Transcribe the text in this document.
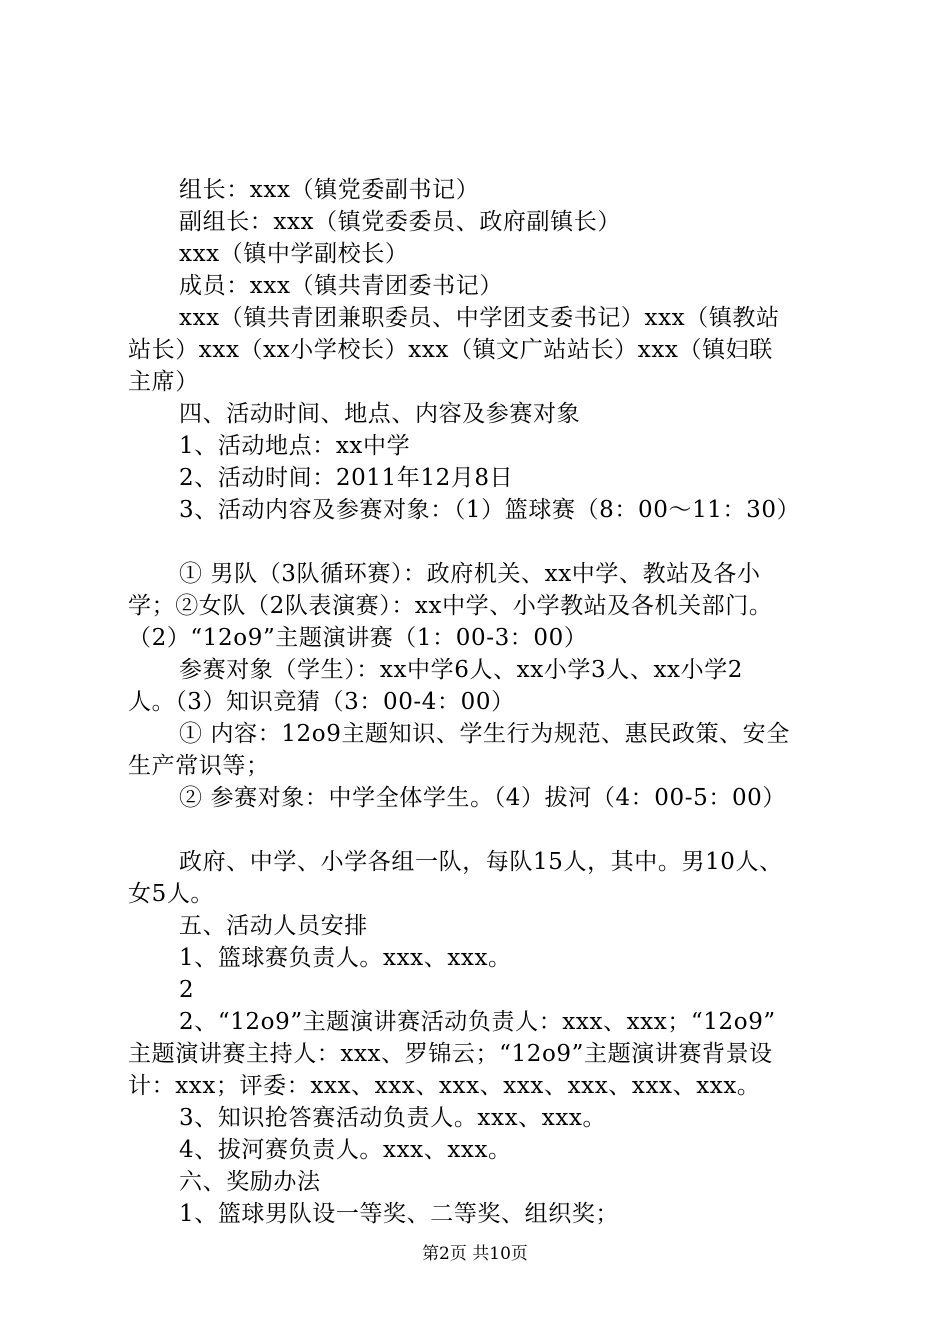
组长：xxx（镇党委副书记）
副组长：xxx（镇党委委员、政府副镇长）
xxx（镇中学副校长）
成员：xxx（镇共青团委书记）
xxx（镇共青团兼职委员、中学团支委书记）xxx（镇教站
站长）xxx（xx小学校长）xxx（镇文广站站长）xxx（镇妇联
主席）
四、活动时间、地点、内容及参赛对象
1、活动地点：xx中学
2、活动时间：2011年12月8日
3、活动内容及参赛对象：（1）篮球赛（8：00～11：30）
① 男队（3队循环赛）：政府机关、xx中学、教站及各小
学；②女队（2队表演赛）：xx中学、小学教站及各机关部门。
（2）“12o9”主题演讲赛（1：00-3：00）
参赛对象（学生）：xx中学6人、xx小学3人、xx小学2
人。（3）知识竞猜（3：00-4：00）
① 内容：12o9主题知识、学生行为规范、惠民政策、安全
生产常识等；
② 参赛对象：中学全体学生。（4）拔河（4：00-5：00）
政府、中学、小学各组一队，每队15人，其中。男10人、
女5人。
五、活动人员安排
1、篮球赛负责人。xxx、xxx。
2
2、“12o9”主题演讲赛活动负责人：xxx、xxx；“12o9”
主题演讲赛主持人：xxx、罗锦云；“12o9”主题演讲赛背景设
计：xxx；评委：xxx、xxx、xxx、xxx、xxx、xxx、xxx。
3、知识抢答赛活动负责人。xxx、xxx。
4、拔河赛负责人。xxx、xxx。
六、奖励办法
1、篮球男队设一等奖、二等奖、组织奖；
第2页 共10页
